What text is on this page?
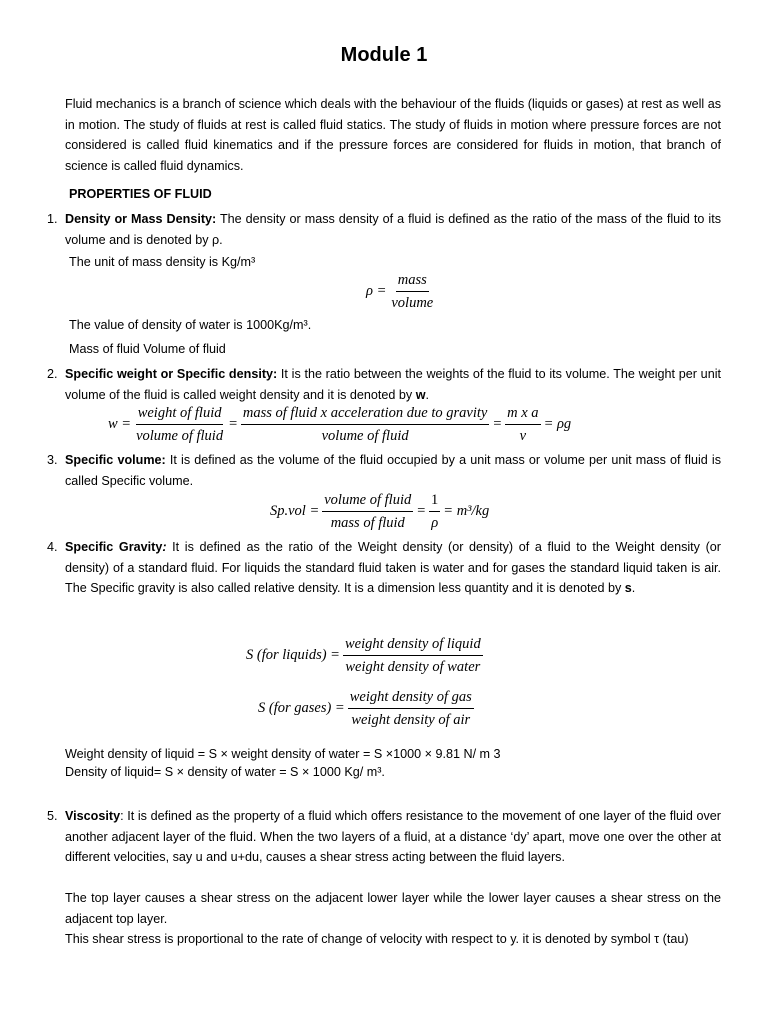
Module 1
Fluid mechanics is a branch of science which deals with the behaviour of the fluids (liquids or gases) at rest as well as in motion. The study of fluids at rest is called fluid statics. The study of fluids in motion where pressure forces are not considered is called fluid kinematics and if the pressure forces are considered for fluids in motion, that branch of science is called fluid dynamics.
PROPERTIES OF FLUID
1. Density or Mass Density: The density or mass density of a fluid is defined as the ratio of the mass of the fluid to its volume and is denoted by ρ.
The unit of mass density is Kg/m³
$\rho = \frac{\text{mass}}{\text{volume}}$
The value of density of water is 1000Kg/m³.
Mass of fluid Volume of fluid
2. Specific weight or Specific density: It is the ratio between the weights of the fluid to its volume. The weight per unit volume of the fluid is called weight density and it is denoted by w.
$w = \frac{\text{weight of fluid}}{\text{volume of fluid}} = \frac{\text{mass of fluid x acceleration due to gravity}}{\text{volume of fluid}} = \frac{\text{m x a}}{v} = \rho g$
3. Specific volume: It is defined as the volume of the fluid occupied by a unit mass or volume per unit mass of fluid is called Specific volume.
$Sp.vol = \frac{\text{volume of fluid}}{\text{mass of fluid}} = \frac{1}{\rho} = m^3/kg$
4. Specific Gravity: It is defined as the ratio of the Weight density (or density) of a fluid to the Weight density (or density) of a standard fluid. For liquids the standard fluid taken is water and for gases the standard liquid taken is air. The Specific gravity is also called relative density. It is a dimension less quantity and it is denoted by s.
S (for liquids) = $\frac{\text{weight density of liquid}}{\text{weight density of water}}$
S (for gases) = $\frac{\text{weight density of gas}}{\text{weight density of air}}$
Weight density of liquid = S × weight density of water = S ×1000 × 9.81 N/ m 3
Density of liquid= S × density of water = S × 1000 Kg/ m³.
5. Viscosity: It is defined as the property of a fluid which offers resistance to the movement of one layer of the fluid over another adjacent layer of the fluid. When the two layers of a fluid, at a distance ‘dy’ apart, move one over the other at different velocities, say u and u+du, causes a shear stress acting between the fluid layers.
The top layer causes a shear stress on the adjacent lower layer while the lower layer causes a shear stress on the adjacent top layer.
This shear stress is proportional to the rate of change of velocity with respect to y. it is denoted by symbol τ (tau)
